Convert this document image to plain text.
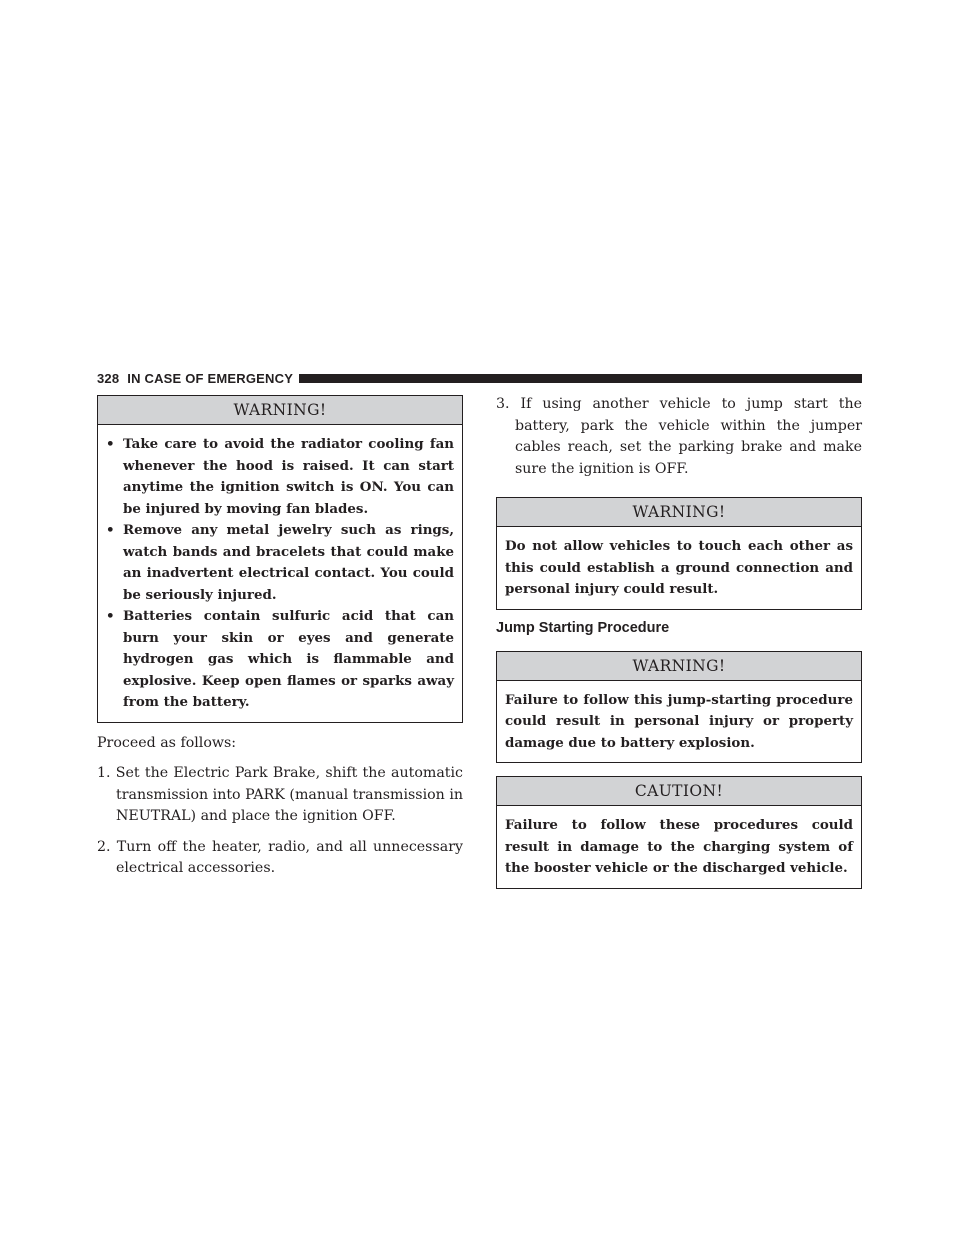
328 IN CASE OF EMERGENCY
WARNING!
• Take care to avoid the radiator cooling fan whenever the hood is raised. It can start anytime the ignition switch is ON. You can be injured by moving fan blades.
• Remove any metal jewelry such as rings, watch bands and bracelets that could make an inadvertent electrical contact. You could be seriously injured.
• Batteries contain sulfuric acid that can burn your skin or eyes and generate hydrogen gas which is flammable and explosive. Keep open flames or sparks away from the battery.

Proceed as follows:

1. Set the Electric Park Brake, shift the automatic transmission into PARK (manual transmission in NEUTRAL) and place the ignition OFF.

2. Turn off the heater, radio, and all unnecessary electrical accessories.

3. If using another vehicle to jump start the battery, park the vehicle within the jumper cables reach, set the parking brake and make sure the ignition is OFF.

WARNING!
Do not allow vehicles to touch each other as this could establish a ground connection and personal injury could result.

Jump Starting Procedure

WARNING!
Failure to follow this jump-starting procedure could result in personal injury or property damage due to battery explosion.
CAUTION!
Failure to follow these procedures could result in damage to the charging system of the booster vehicle or the discharged vehicle.
